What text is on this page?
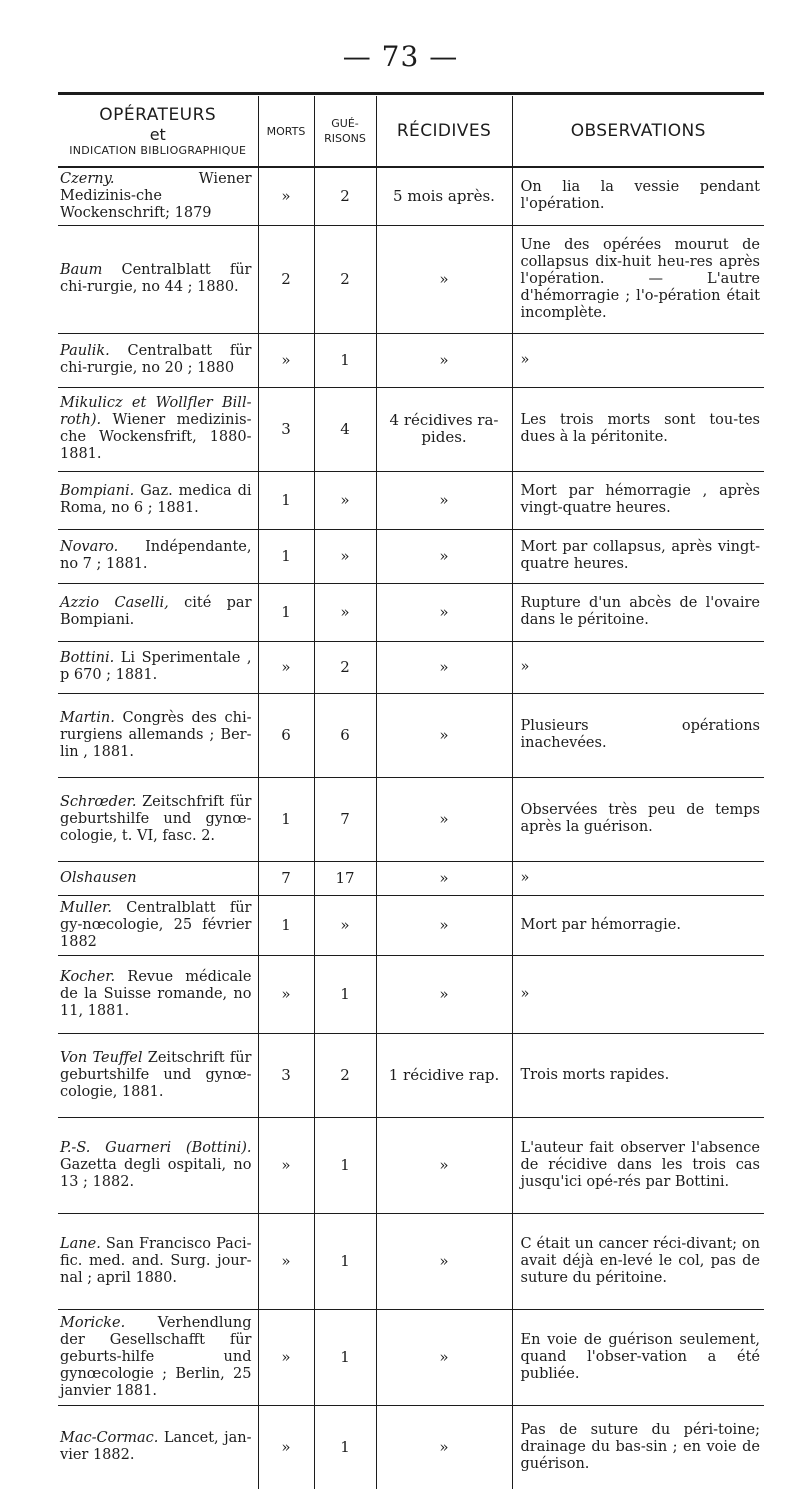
— 73 —
OPÉRATEURS
et
INDICATION BIBLIOGRAPHIQUE	MORTS	GUÉ-
RISONS	RÉCIDIVES	OBSERVATIONS
Czerny. Wiener Medizinis-che Wockenschrift; 1879	»	2	5 mois après.	On lia la vessie pendant l'opération.
Baum Centralblatt für chi-rurgie, no 44 ; 1880.	2	2	»	Une des opérées mourut de collapsus dix-huit heu-res après l'opération. — L'autre d'hémorragie ; l'o-pération était incomplète.
Paulik. Centralbatt für chi-rurgie, no 20 ; 1880	»	1	»	»
Mikulicz et Wollfler Bill-roth). Wiener medizinis-che Wockensfrift, 1880-1881.	3	4	4 récidives ra-pides.	Les trois morts sont tou-tes dues à la péritonite.
Bompiani. Gaz. medica di Roma, no 6 ; 1881.	1	»	»	Mort par hémorragie , après vingt-quatre heures.
Novaro. Indépendante, no 7 ; 1881.	1	»	»	Mort par collapsus, après vingt-quatre heures.
Azzio Caselli, cité par Bompiani.	1	»	»	Rupture d'un abcès de l'ovaire dans le péritoine.
Bottini. Li Sperimentale , p 670 ; 1881.	»	2	»	»
Martin. Congrès des chi-rurgiens allemands ; Ber-lin , 1881.	6	6	»	Plusieurs opérations inachevées.
Schrœder. Zeitschfrift für geburtshilfe und gynœ-cologie, t. VI, fasc. 2.	1	7	»	Observées très peu de temps après la guérison.
Olshausen	7	17	»	»
Muller. Centralblatt für gy-nœcologie, 25 février 1882	1	»	»	Mort par hémorragie.
Kocher. Revue médicale de la Suisse romande, no 11, 1881.	»	1	»	»
Von Teuffel Zeitschrift für geburtshilfe und gynœ-cologie, 1881.	3	2	1 récidive rap.	Trois morts rapides.
P.-S. Guarneri (Bottini). Gazetta degli ospitali, no 13 ; 1882.	»	1	»	L'auteur fait observer l'absence de récidive dans les trois cas jusqu'ici opé-rés par Bottini.
Lane. San Francisco Paci-fic. med. and. Surg. jour-nal ; april 1880.	»	1	»	C était un cancer réci-divant; on avait déjà en-levé le col, pas de suture du péritoine.
Moricke. Verhendlung der Gesellschafft für geburts-hilfe und gynœcologie ; Berlin, 25 janvier 1881.	»	1	»	En voie de guérison seulement, quand l'obser-vation a été publiée.
Mac-Cormac. Lancet, jan-vier 1882.	»	1	»	Pas de suture du péri-toine; drainage du bas-sin ; en voie de guérison.
